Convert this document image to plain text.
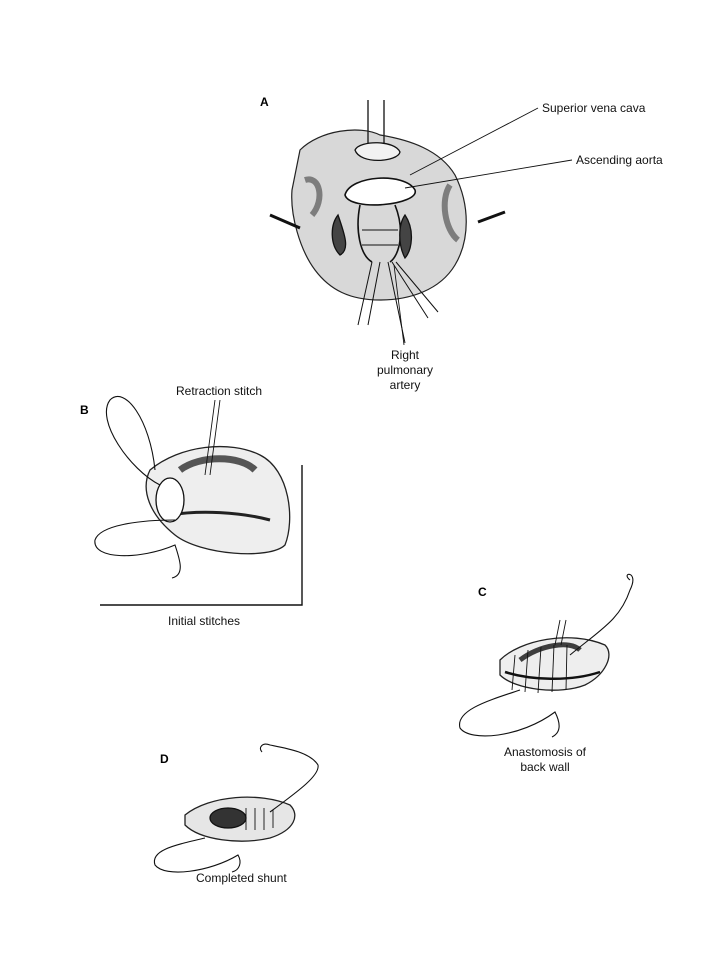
A	Superior vena cava
Ascending aorta
Right
pulmonary
artery
B
Retraction stitch
Initial stitches
C
Anastomosis of
back wall
D
Completed shunt
